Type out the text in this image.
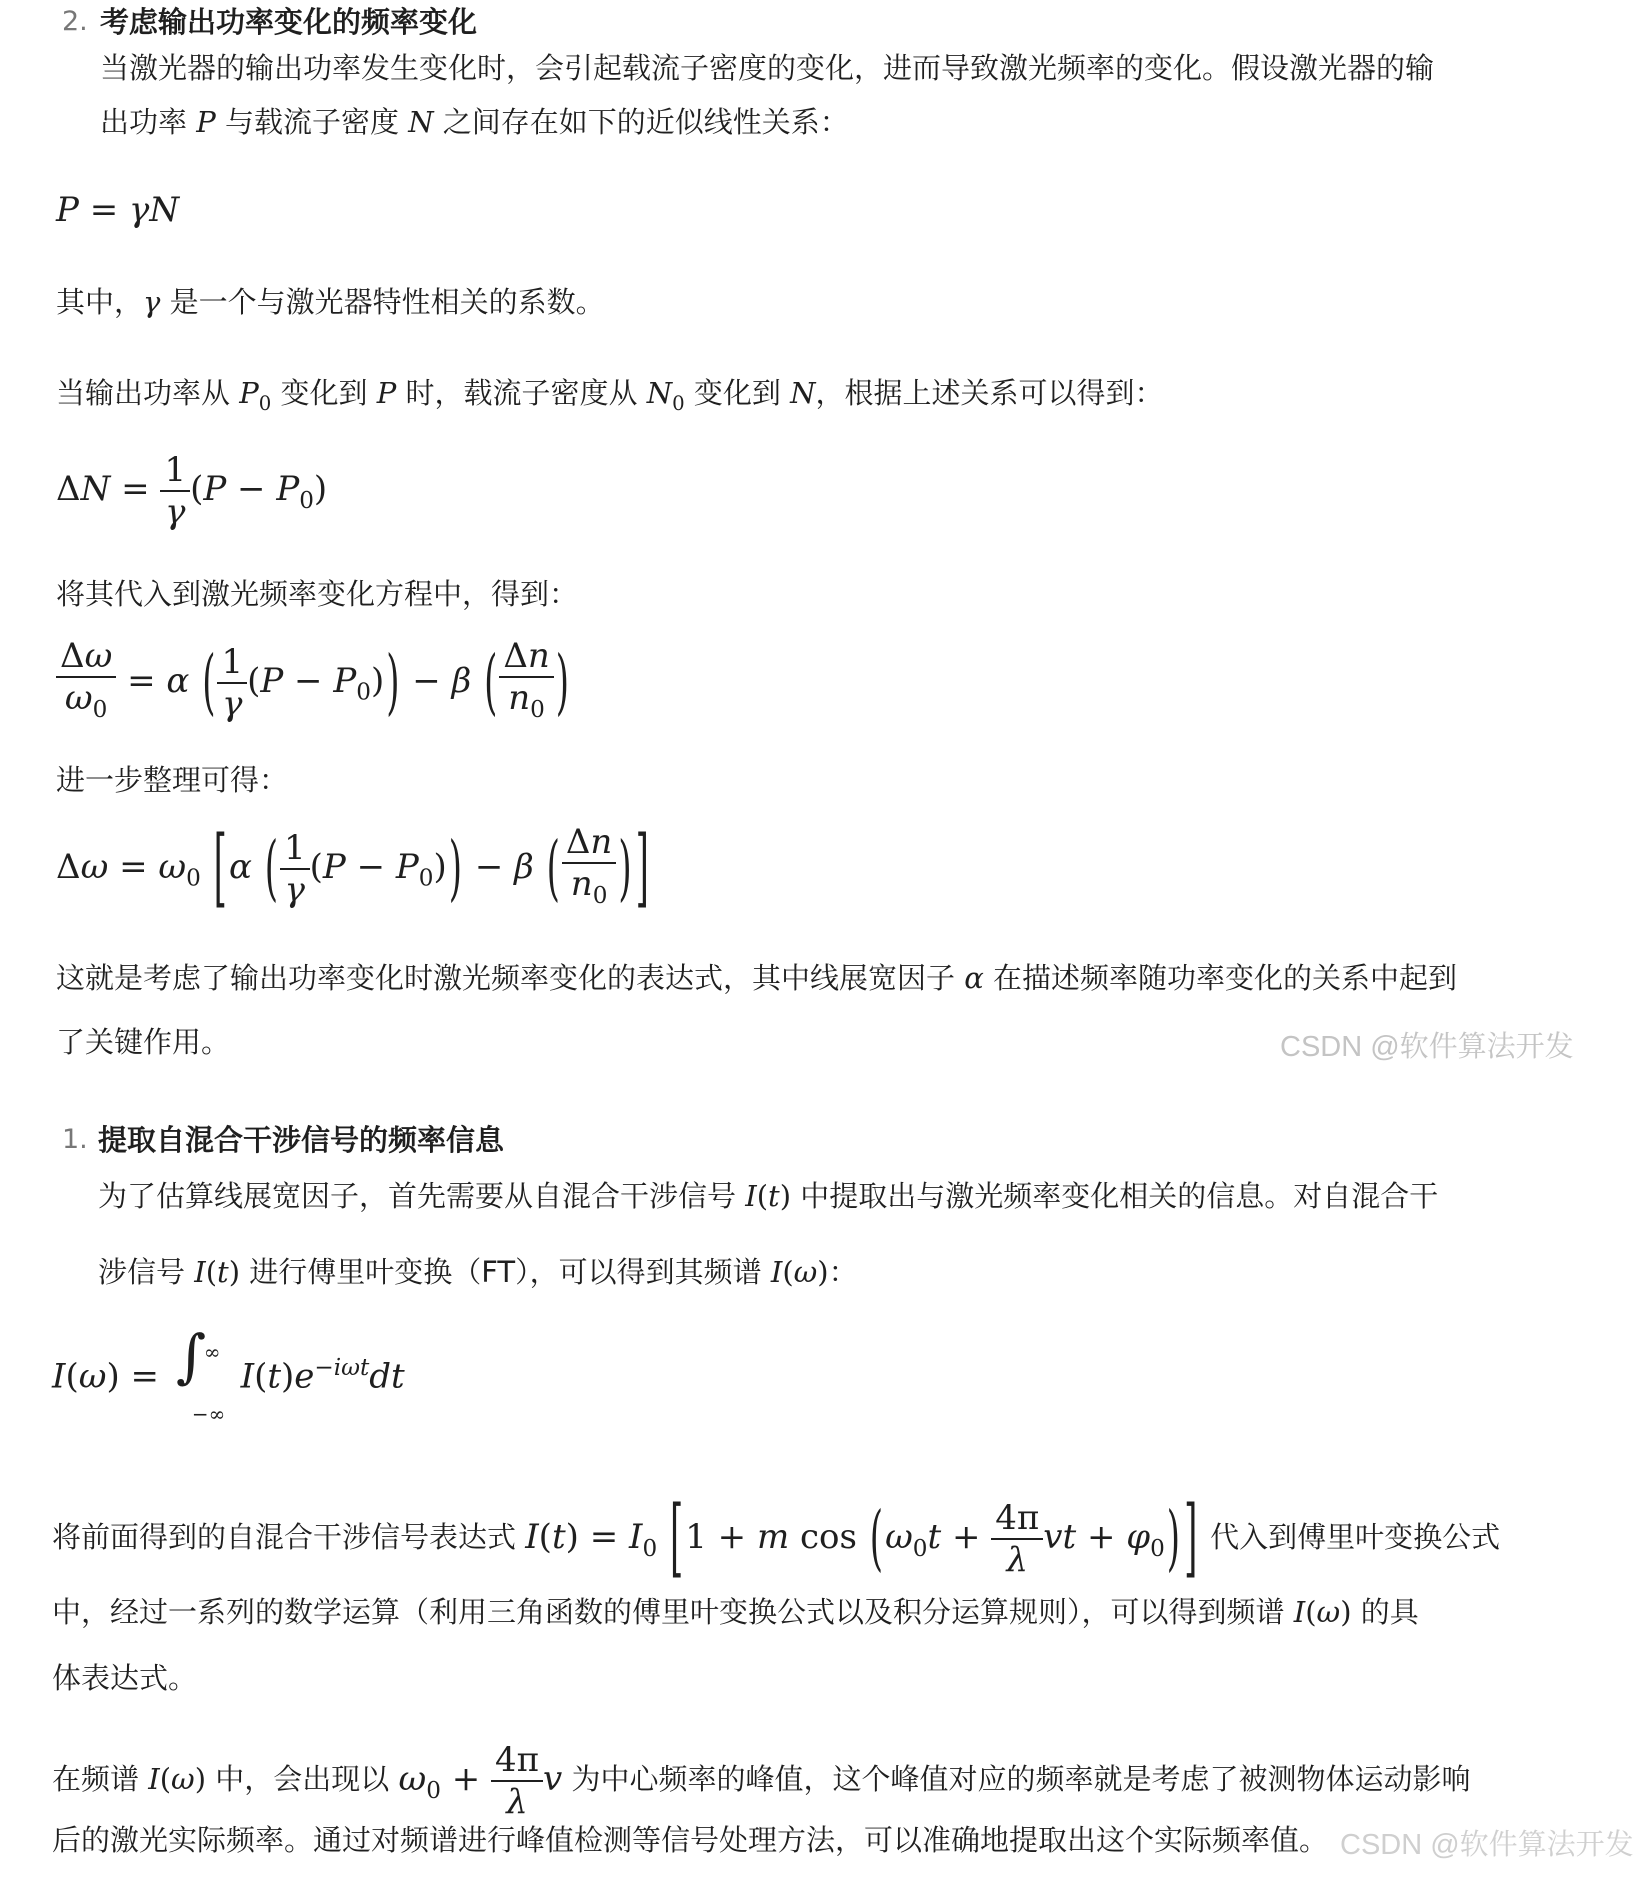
2. 考虑输出功率变化的频率变化
当激光器的输出功率发生变化时，会引起载流子密度的变化，进而导致激光频率的变化。假设激光器的输
出功率 P 与载流子密度 N 之间存在如下的近似线性关系：
P = γN
其中，γ 是一个与激光器特性相关的系数。
当输出功率从 $P_0$ 变化到 P 时，载流子密度从 $N_0$ 变化到 N，根据上述关系可以得到：
$\Delta N = \frac{1}{\gamma} (P - P_0)$
将其代入到激光频率变化方程中，得到：
$\frac{\Delta\omega}{\omega_0} = \alpha$ ( $\frac{1}{\gamma} (P - P_0)) - \beta$ ( $\frac{\Delta n}{n_0}$ )
进一步整理可得：
$\Delta\omega = \omega_0$ [α ( $\frac{1}{\gamma} (P - P_0)) - \beta$ ( $\frac{\Delta n}{n_0}$ ) ]
这就是考虑了输出功率变化时激光频率变化的表达式，其中线展宽因子 α 在描述频率随功率变化的关系中起到
了关键作用。	CSDN @软件算法开发
1. 提取自混合干涉信号的频率信息
为了估算线展宽因子，首先需要从自混合干涉信号 I(t) 中提取出与激光频率变化相关的信息。对自混合干
涉信号 I(t) 进行傅里叶变换（FT），可以得到其频谱 I(ω)：
I(ω) = ∫
∞
−∞
$I(t)e^{-i\omega t}dt$
将前面得到的自混合干涉信号表达式 $I(t) = I_0$ [1 + m $\cos (\omega_0t + \frac{4\pi}{\lambda}$ vt + $\varphi_0$) ] 代入到傅里叶变换公式
中，经过一系列的数学运算（利用三角函数的傅里叶变换公式以及积分运算规则），可以得到频谱 I(ω) 的具
体表达式。
在频谱 I(ω) 中，会出现以 $\omega_0 + \frac{4\pi}{\lambda}$ v 为中心频率的峰值，这个峰值对应的频率就是考虑了被测物体运动影响
后的激光实际频率。通过对频谱进行峰值检测等信号处理方法，可以准确地提取出这个实际频率值。 CSDN @软件算法开发
